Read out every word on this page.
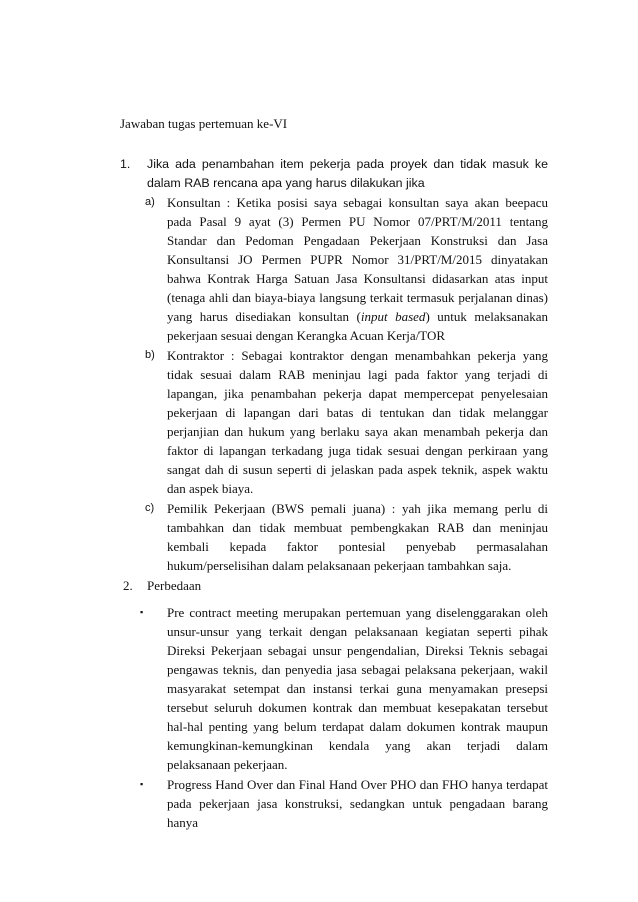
Jawaban tugas pertemuan ke-VI
1.	Jika ada penambahan item pekerja pada proyek dan tidak masuk ke dalam RAB rencana apa yang harus dilakukan jika
a) Konsultan : Ketika posisi saya sebagai konsultan saya akan beepacu pada Pasal 9 ayat (3) Permen PU Nomor 07/PRT/M/2011 tentang Standar dan Pedoman Pengadaan Pekerjaan Konstruksi dan Jasa Konsultansi JO Permen PUPR Nomor 31/PRT/M/2015 dinyatakan bahwa Kontrak Harga Satuan Jasa Konsultansi didasarkan atas input (tenaga ahli dan biaya-biaya langsung terkait termasuk perjalanan dinas) yang harus disediakan konsultan (input based) untuk melaksanakan pekerjaan sesuai dengan Kerangka Acuan Kerja/TOR
b) Kontraktor : Sebagai kontraktor dengan menambahkan pekerja yang tidak sesuai dalam RAB meninjau lagi pada faktor yang terjadi di lapangan, jika penambahan pekerja dapat mempercepat penyelesaian pekerjaan di lapangan dari batas di tentukan dan tidak melanggar perjanjian dan hukum yang berlaku saya akan menambah pekerja dan faktor di lapangan terkadang juga tidak sesuai dengan perkiraan yang sangat dah di susun seperti di jelaskan pada aspek teknik, aspek waktu dan aspek biaya.
c) Pemilik Pekerjaan (BWS pemali juana) : yah jika memang perlu di tambahkan dan tidak membuat pembengkakan RAB dan meninjau kembali kepada faktor pontesial penyebab permasalahan hukum/perselisihan dalam pelaksanaan pekerjaan tambahkan saja.
2.	Perbedaan
▪	Pre contract meeting merupakan pertemuan yang diselenggarakan oleh unsur-unsur yang terkait dengan pelaksanaan kegiatan seperti pihak Direksi Pekerjaan sebagai unsur pengendalian, Direksi Teknis sebagai pengawas teknis, dan penyedia jasa sebagai pelaksana pekerjaan, wakil masyarakat setempat dan instansi terkai guna menyamakan presepsi tersebut seluruh dokumen kontrak dan membuat kesepakatan tersebut hal-hal penting yang belum terdapat dalam dokumen kontrak maupun kemungkinan-kemungkinan kendala yang akan terjadi dalam pelaksanaan pekerjaan.
▪	Progress Hand Over dan Final Hand Over PHO dan FHO hanya terdapat pada pekerjaan jasa konstruksi, sedangkan untuk pengadaan barang hanya
